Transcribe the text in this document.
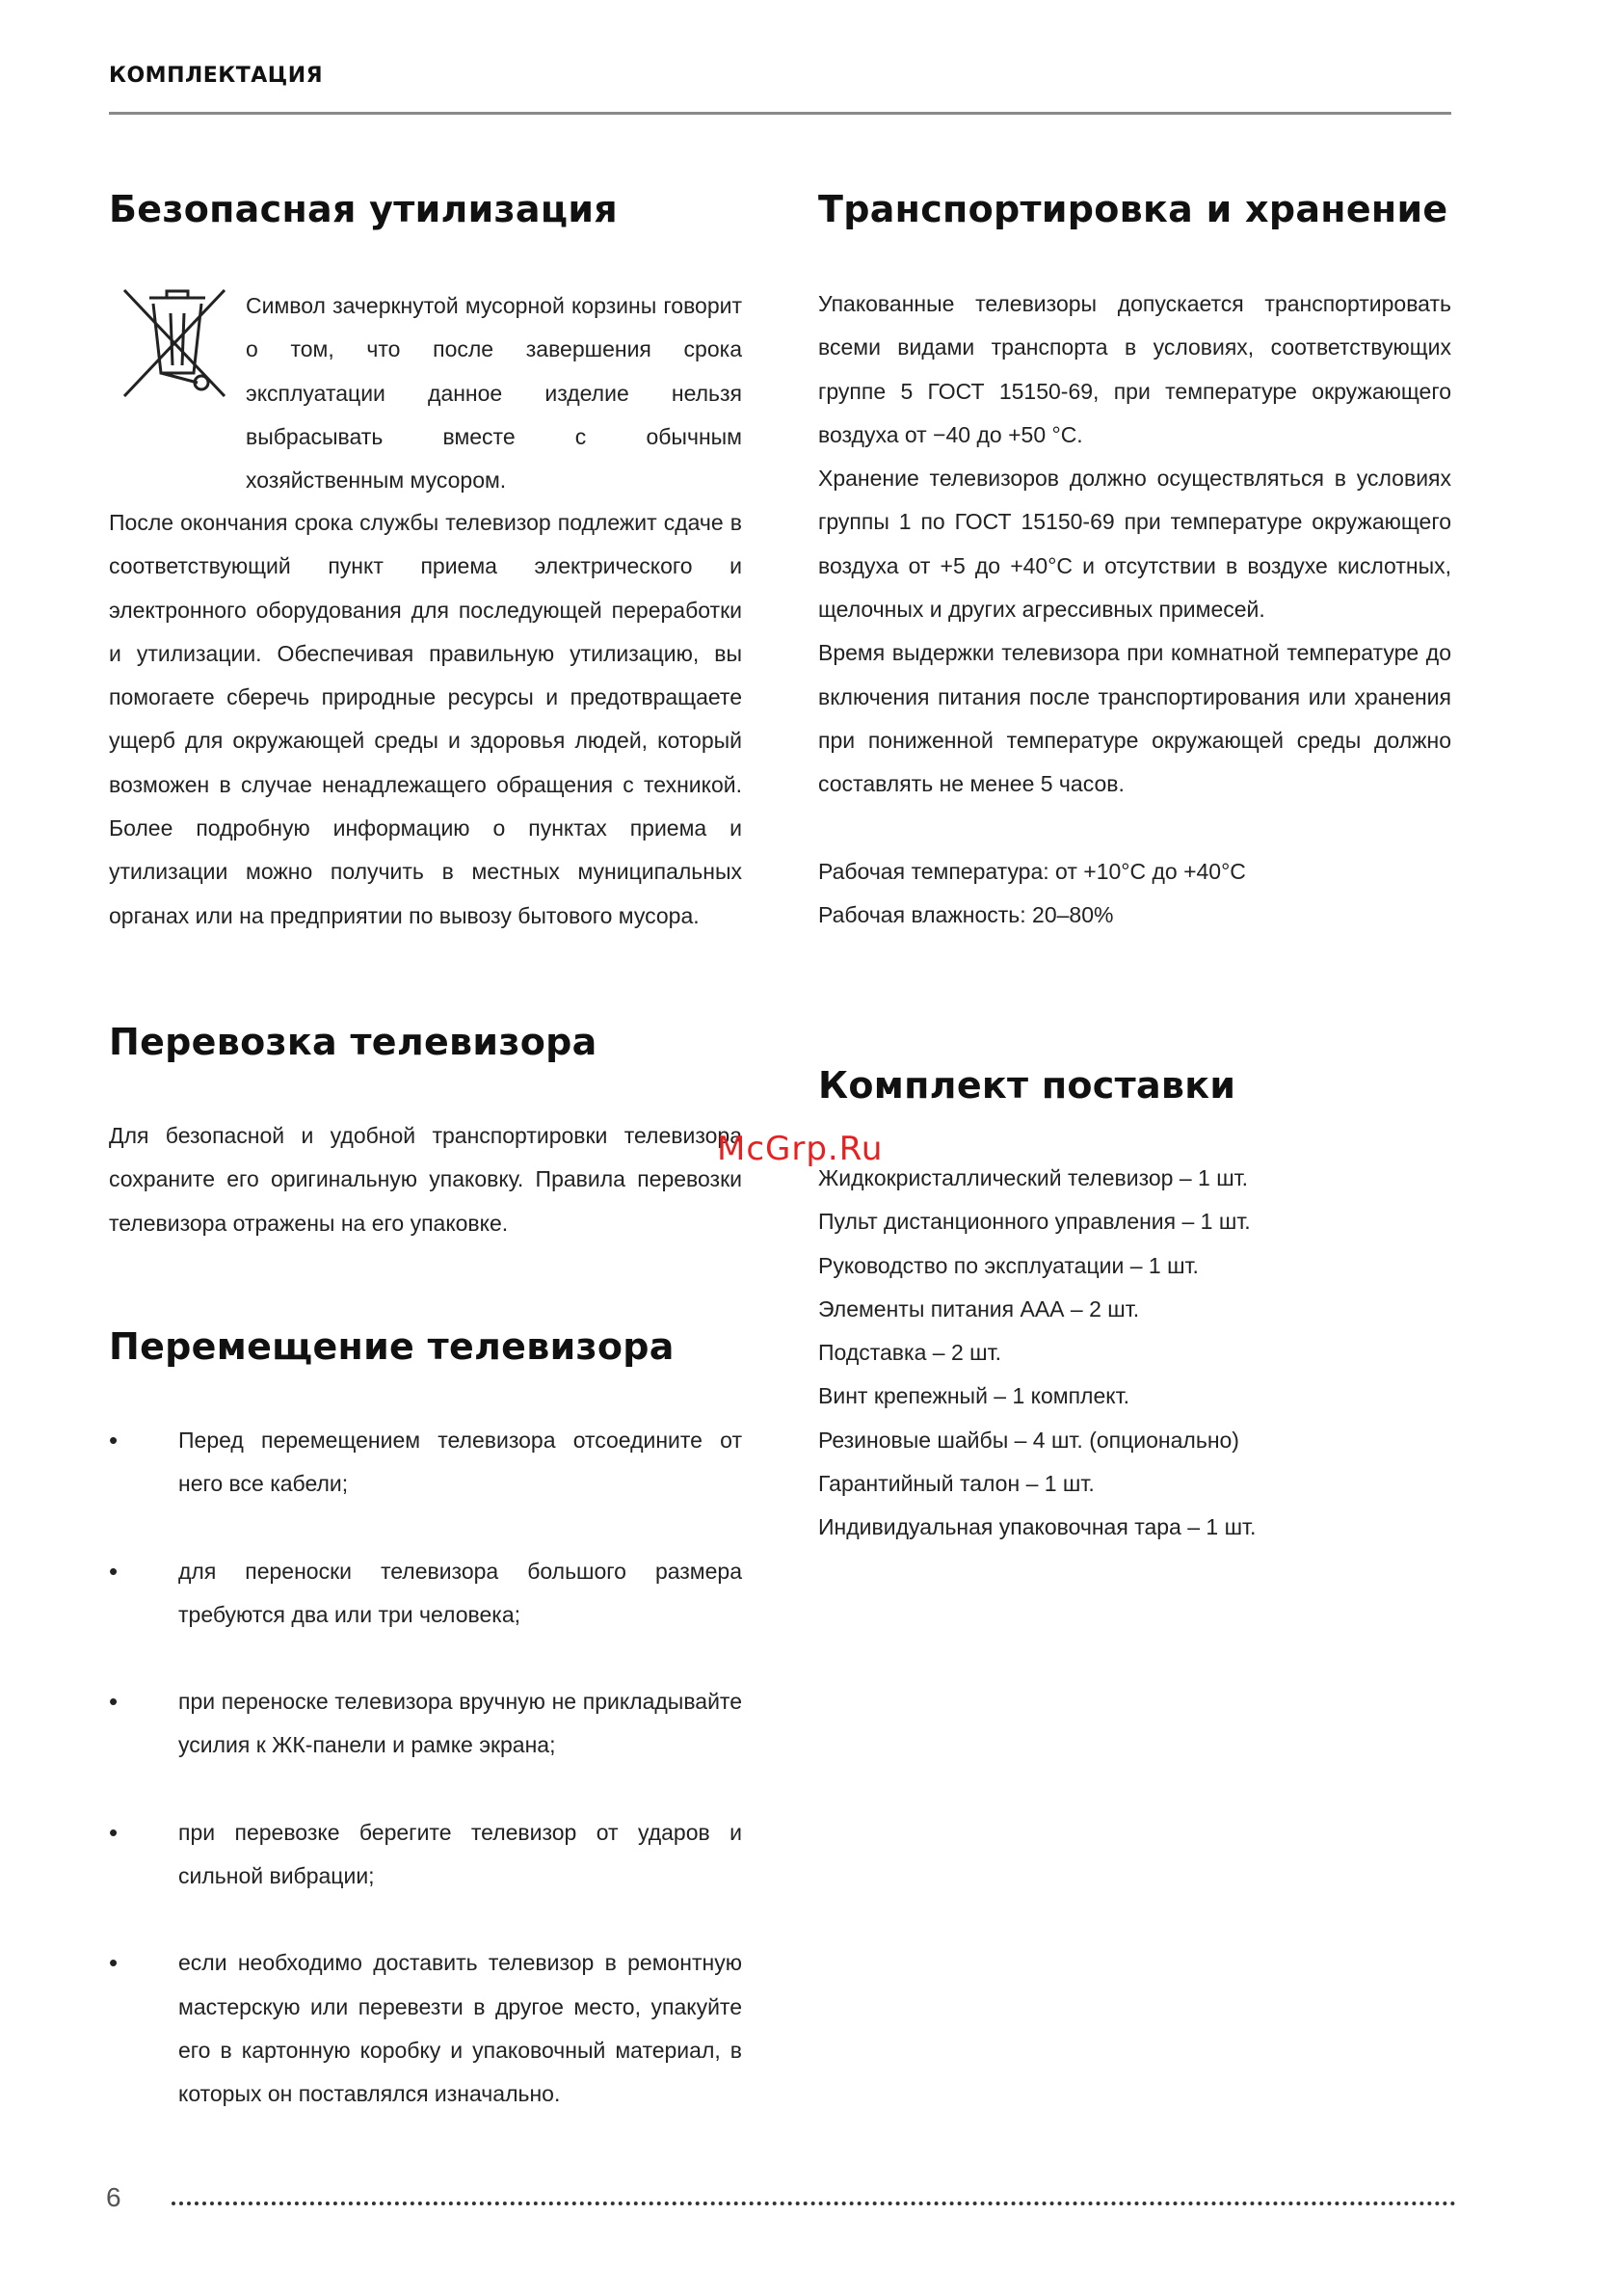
КОМПЛЕКТАЦИЯ
Безопасная утилизация

Символ зачеркнутой мусорной корзины говорит о том, что после завершения срока эксплуатации данное изделие нельзя выбрасывать вместе с обычным хозяйственным мусором.

После окончания срока службы телевизор подлежит сдаче в соответствующий пункт приема электрического и электронного оборудования для последующей переработки и утилизации. Обеспечивая правильную утилизацию, вы помогаете сберечь природные ресурсы и предотвращаете ущерб для окружающей среды и здоровья людей, который возможен в случае ненадлежащего обращения с техникой. Более подробную информацию о пунктах приема и утилизации можно получить в местных муниципальных органах или на предприятии по вывозу бытового мусора.

Перевозка телевизора

Для безопасной и удобной транспортировки телевизора сохраните его оригинальную упаковку. Правила перевозки телевизора отражены на его упаковке.

Перемещение телевизора
•	Перед перемещением телевизора отсоедините от него все кабели;
•	для переноски телевизора большого размера требуются два или три человека;
•	при переноске телевизора вручную не прикладывайте усилия к ЖК-панели и рамке экрана;
•	при перевозке берегите телевизор от ударов и сильной вибрации;
•	если необходимо доставить телевизор в ремонтную мастерскую или перевезти в другое место, упакуйте его в картонную коробку и упаковочный материал, в которых он поставлялся изначально.
Транспортировка и хранение

Упакованные телевизоры допускается транспортировать всеми видами транспорта в условиях, соответствующих группе 5 ГОСТ 15150-69, при температуре окружающего воздуха от −40 до +50 °C.

Хранение телевизоров должно осуществляться в условиях группы 1 по ГОСТ 15150-69 при температуре окружающего воздуха от +5 до +40°С и отсутствии в воздухе кислотных, щелочных и других агрессивных примесей.

Время выдержки телевизора при комнатной температуре до включения питания после транспортирования или хранения при пониженной температуре окружающей среды должно составлять не менее 5 часов.

Рабочая температура: от +10°С до +40°С
Рабочая влажность: 20–80%
Комплект поставки
Жидкокристаллический телевизор – 1 шт.
Пульт дистанционного управления – 1 шт.
Руководство по эксплуатации – 1 шт.
Элементы питания ААА – 2 шт.
Подставка – 2 шт.
Винт крепежный – 1 комплект.
Резиновые шайбы – 4 шт. (опционально)
Гарантийный талон – 1 шт.
Индивидуальная упаковочная тара – 1 шт.
McGrp.Ru
6
